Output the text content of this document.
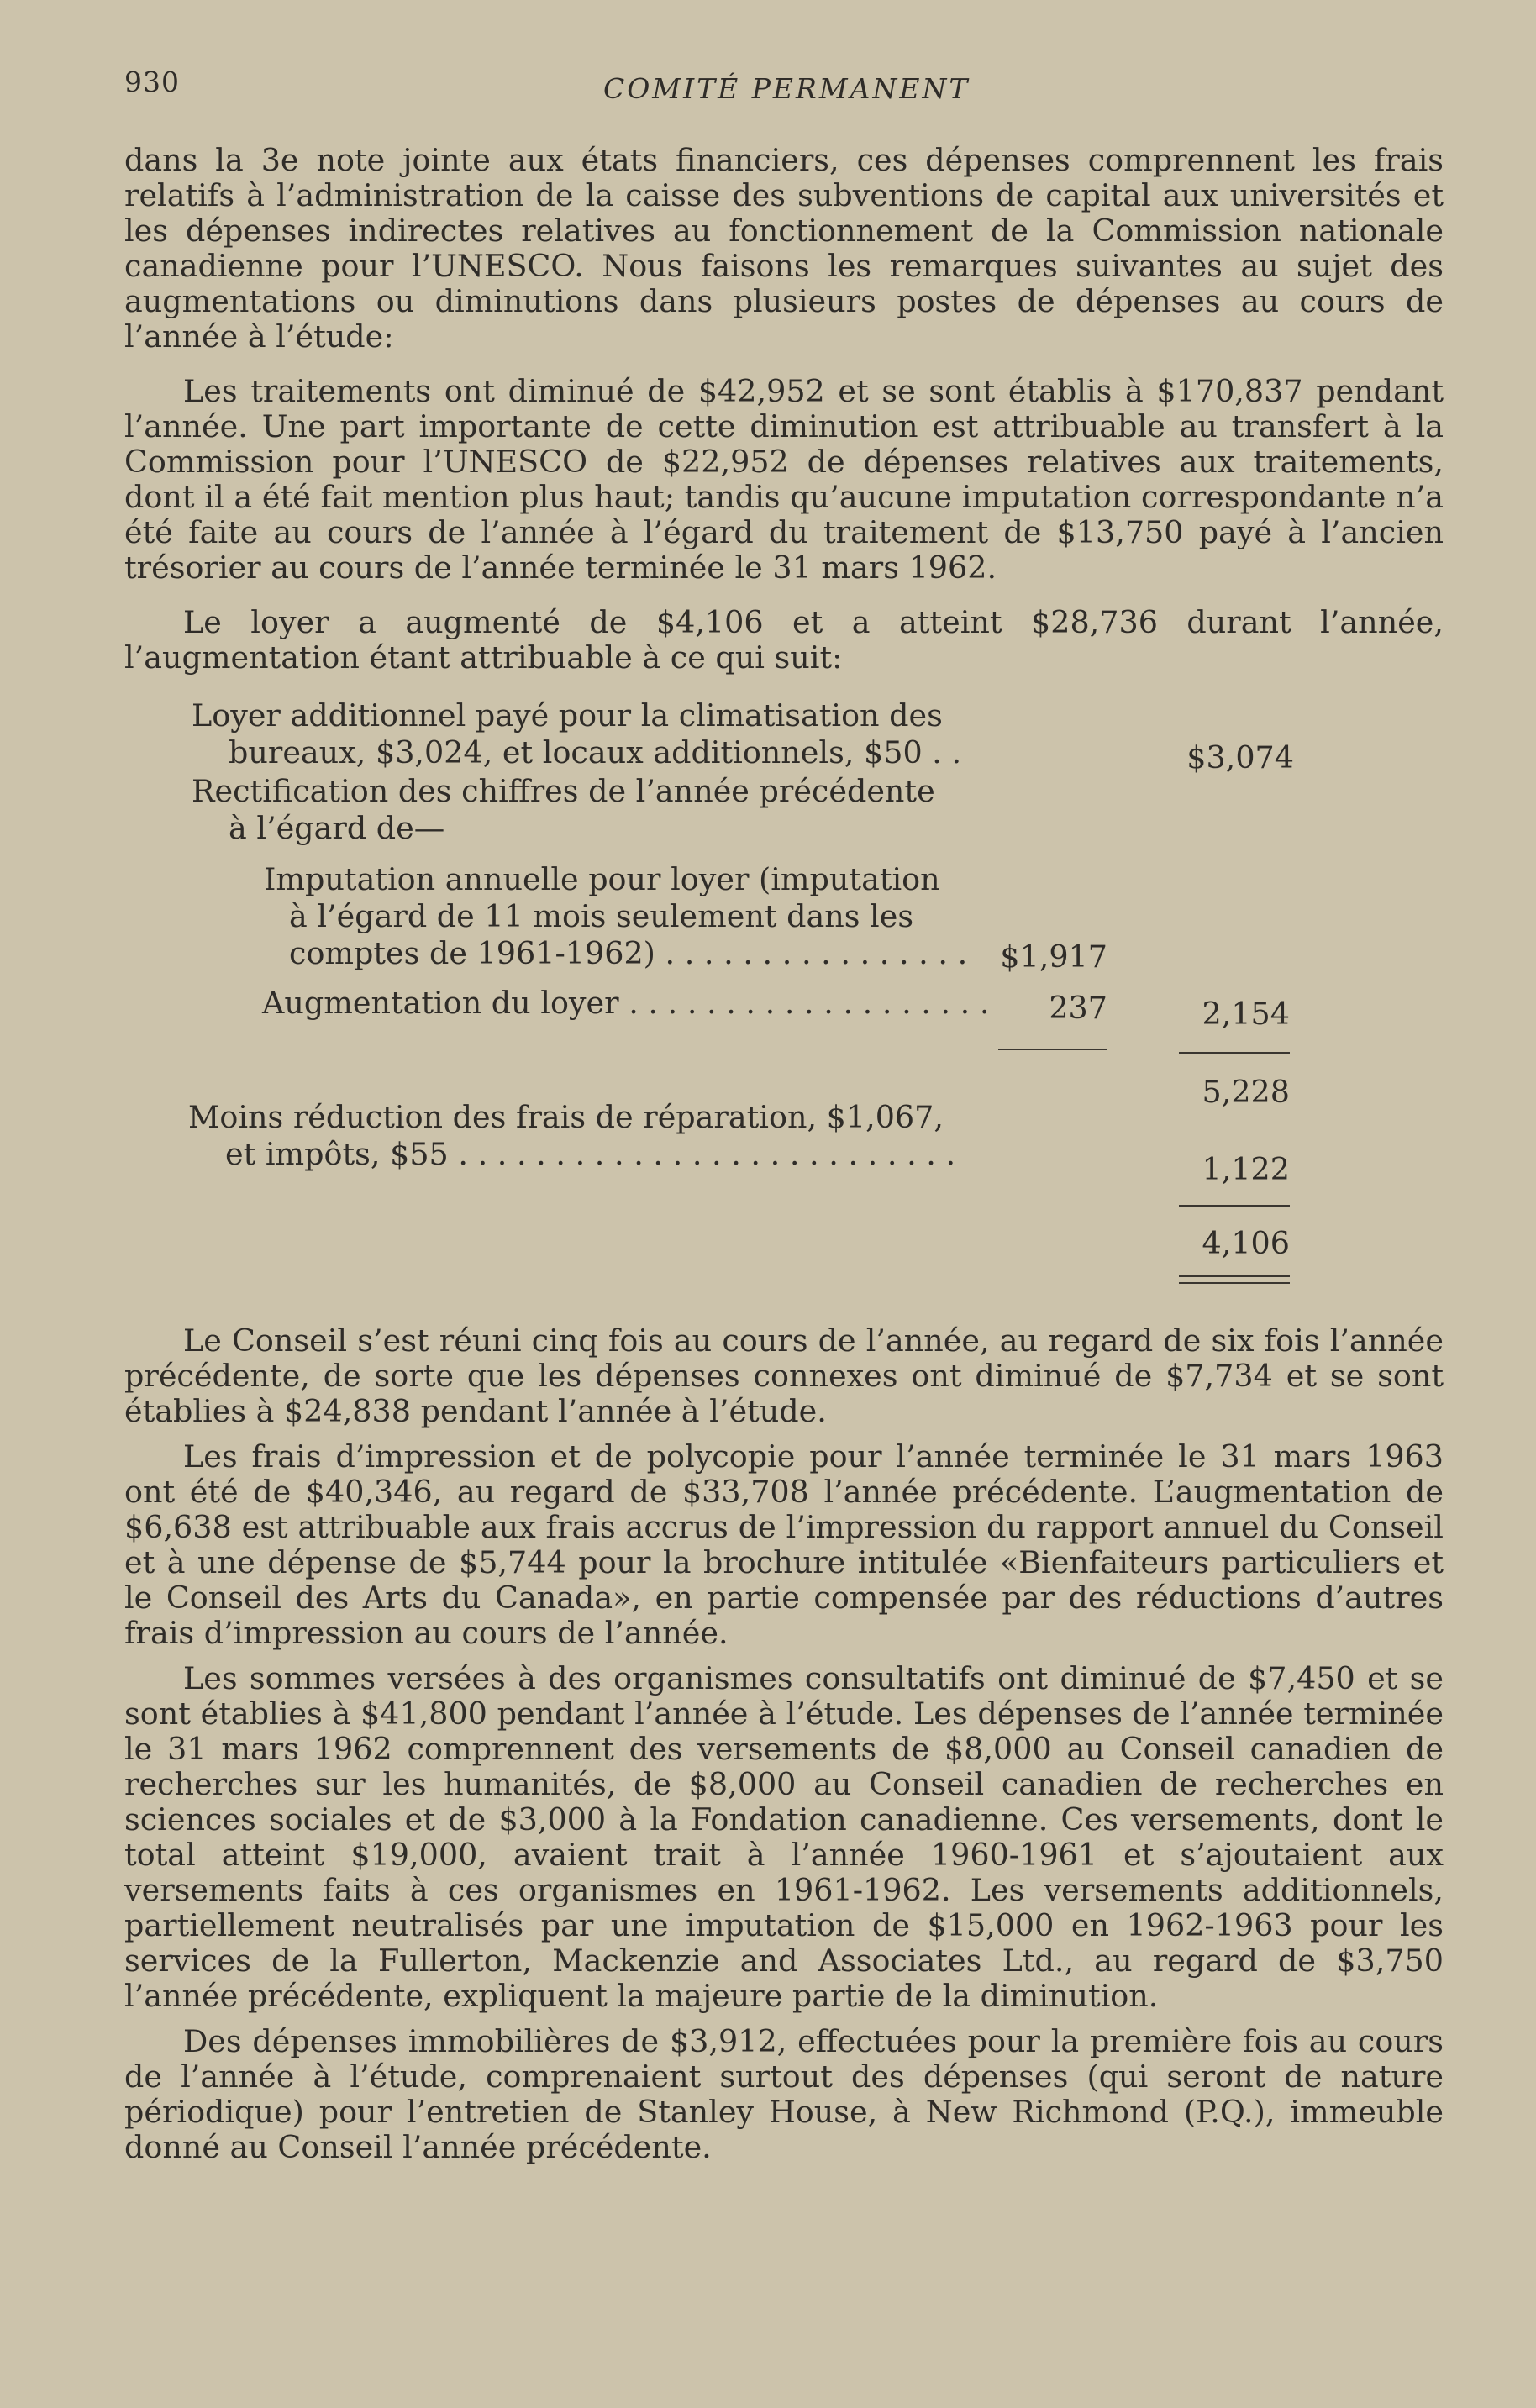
930	COMITÉ PERMANENT

dans la 3e note jointe aux états financiers, ces dépenses comprennent les frais relatifs à l’administration de la caisse des subventions de capital aux universités et les dépenses indirectes relatives au fonctionnement de la Commission nationale canadienne pour l’UNESCO. Nous faisons les remarques suivantes au sujet des augmentations ou diminutions dans plusieurs postes de dépenses au cours de l’année à l’étude:

Les traitements ont diminué de $42,952 et se sont établis à $170,837 pendant l’année. Une part importante de cette diminution est attribuable au transfert à la Commission pour l’UNESCO de $22,952 de dépenses relatives aux traitements, dont il a été fait mention plus haut; tandis qu’aucune imputation correspondante n’a été faite au cours de l’année à l’égard du traitement de $13,750 payé à l’ancien trésorier au cours de l’année terminée le 31 mars 1962.

Le loyer a augmenté de $4,106 et a atteint $28,736 durant l’année, l’augmentation étant attribuable à ce qui suit:

Loyer additionnel payé pour la climatisation des
bureaux, $3,024, et locaux additionnels, $50 . .	$3,074
Rectification des chiffres de l’année précédente
à l’égard de—
Imputation annuelle pour loyer (imputation
à l’égard de 11 mois seulement dans les
comptes de 1961-1962) . . . . . . . . . . . . . . . . $1,917
Augmentation du loyer . . . . . . . . . . . . . . . . . . . 237	2,154
5,228
Moins réduction des frais de réparation, $1,067,
et impôts, $55 . . . . . . . . . . . . . . . . . . . . . . . . . .	1,122
4,106

Le Conseil s’est réuni cinq fois au cours de l’année, au regard de six fois l’année précédente, de sorte que les dépenses connexes ont diminué de $7,734 et se sont établies à $24,838 pendant l’année à l’étude.

Les frais d’impression et de polycopie pour l’année terminée le 31 mars 1963 ont été de $40,346, au regard de $33,708 l’année précédente. L’augmentation de $6,638 est attribuable aux frais accrus de l’impression du rapport annuel du Conseil et à une dépense de $5,744 pour la brochure intitulée «Bienfaiteurs particuliers et le Conseil des Arts du Canada», en partie compensée par des réductions d’autres frais d’impression au cours de l’année.

Les sommes versées à des organismes consultatifs ont diminué de $7,450 et se sont établies à $41,800 pendant l’année à l’étude. Les dépenses de l’année terminée le 31 mars 1962 comprennent des versements de $8,000 au Conseil canadien de recherches sur les humanités, de $8,000 au Conseil canadien de recherches en sciences sociales et de $3,000 à la Fondation canadienne. Ces versements, dont le total atteint $19,000, avaient trait à l’année 1960-1961 et s’ajoutaient aux versements faits à ces organismes en 1961-1962. Les versements additionnels, partiellement neutralisés par une imputation de $15,000 en 1962-1963 pour les services de la Fullerton, Mackenzie and Associates Ltd., au regard de $3,750 l’année précédente, expliquent la majeure partie de la diminution.

Des dépenses immobilières de $3,912, effectuées pour la première fois au cours de l’année à l’étude, comprenaient surtout des dépenses (qui seront de nature périodique) pour l’entretien de Stanley House, à New Richmond (P.Q.), immeuble donné au Conseil l’année précédente.
